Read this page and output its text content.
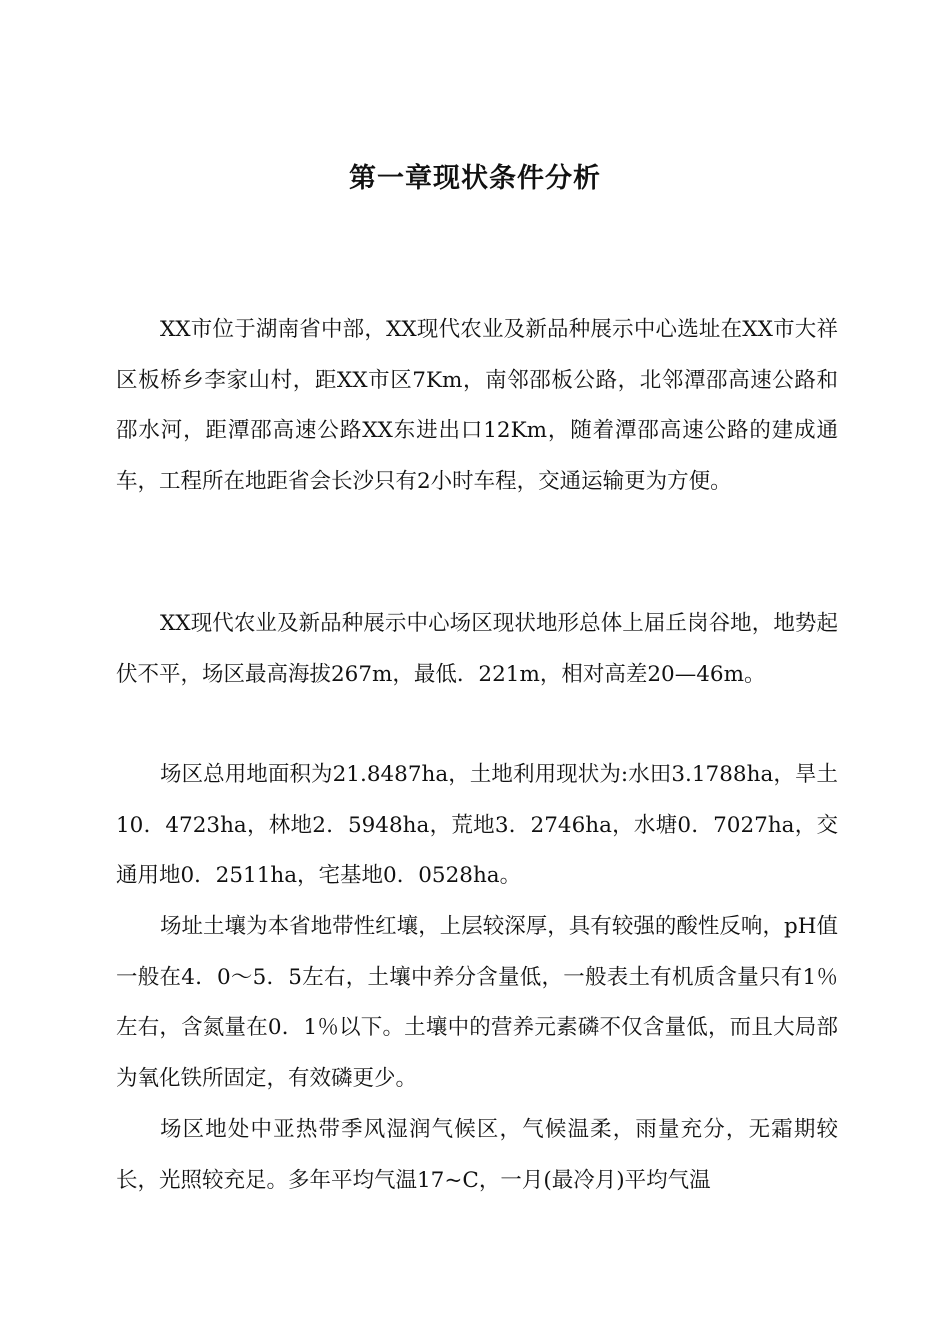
第一章现状条件分析

XX市位于湖南省中部，XX现代农业及新品种展示中心选址在XX市大祥区板桥乡李家山村，距XX市区7Km，南邻邵板公路，北邻潭邵高速公路和邵水河，距潭邵高速公路XX东进出口12Km，随着潭邵高速公路的建成通车，工程所在地距省会长沙只有2小时车程，交通运输更为方便。

XX现代农业及新品种展示中心场区现状地形总体上届丘岗谷地，地势起伏不平，场区最高海拔267m，最低．221m，相对高差20—46m。

场区总用地面积为21.8487ha，土地利用现状为:水田3.1788ha，旱土10．4723ha，林地2．5948ha，荒地3．2746ha，水塘0．7027ha，交通用地0．2511ha，宅基地0．0528ha。

场址土壤为本省地带性红壤，上层较深厚，具有较强的酸性反响，pH值一般在4．0～5．5左右，土壤中养分含量低，一般表土有机质含量只有1％左右，含氮量在0．1％以下。土壤中的营养元素磷不仅含量低，而且大局部为氧化铁所固定，有效磷更少。

场区地处中亚热带季风湿润气候区，气候温柔，雨量充分，无霜期较长，光照较充足。多年平均气温17~C，一月(最冷月)平均气温
